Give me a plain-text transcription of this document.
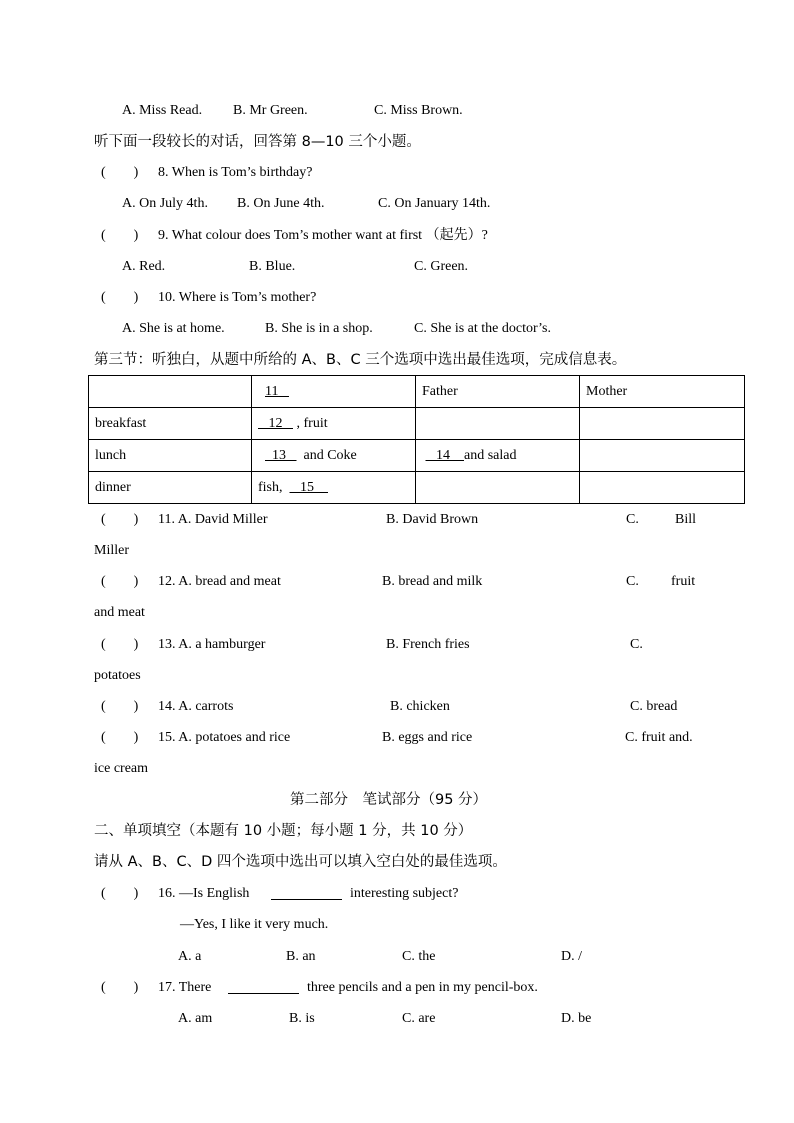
A. Miss Read. B. Mr Green.	C. Miss Brown.
听下面一段较长的对话，回答第 8—10 三个小题。
(　　) 8. When is Tom’s birthday?
A. On July 4th. B. On June 4th.	C. On January 14th.
(　　) 9. What colour does Tom’s mother want at first （起先）?
A. Red.	B. Blue.	C. Green.
(　　) 10. Where is Tom’s mother?
A. She is at home.	B. She is in a shop.	C. She is at the doctor’s.
第三节：听独白，从题中所给的 A、B、C 三个选项中选出最佳选项，完成信息表。
	11	Father	Mother
breakfast	12    , fruit		
lunch	13     and Coke	14 and salad	
dinner	fish,     15		
(　　) 11. A. David Miller	B. David Brown	C.	Bill
Miller
(　　) 12. A. bread and meat	B. bread and milk	C. fruit
and meat
(　　) 13. A. a hamburger	B. French fries	C.
potatoes
(　　) 14. A. carrots	B. chicken	C. bread
(　　) 15. A. potatoes and rice	B. eggs and rice	C. fruit and.
ice cream
第二部分　笔试部分（95 分）
二、单项填空（本题有 10 小题；每小题 1 分，共 10 分）
请从 A、B、C、D 四个选项中选出可以填入空白处的最佳选项。
(　　) 16. —Is English	interesting subject?
—Yes, I like it very much.
A. a	B. an	C. the	D. /
(　　) 17. There	three pencils and a pen in my pencil-box.
A. am	B. is	C. are	D. be
